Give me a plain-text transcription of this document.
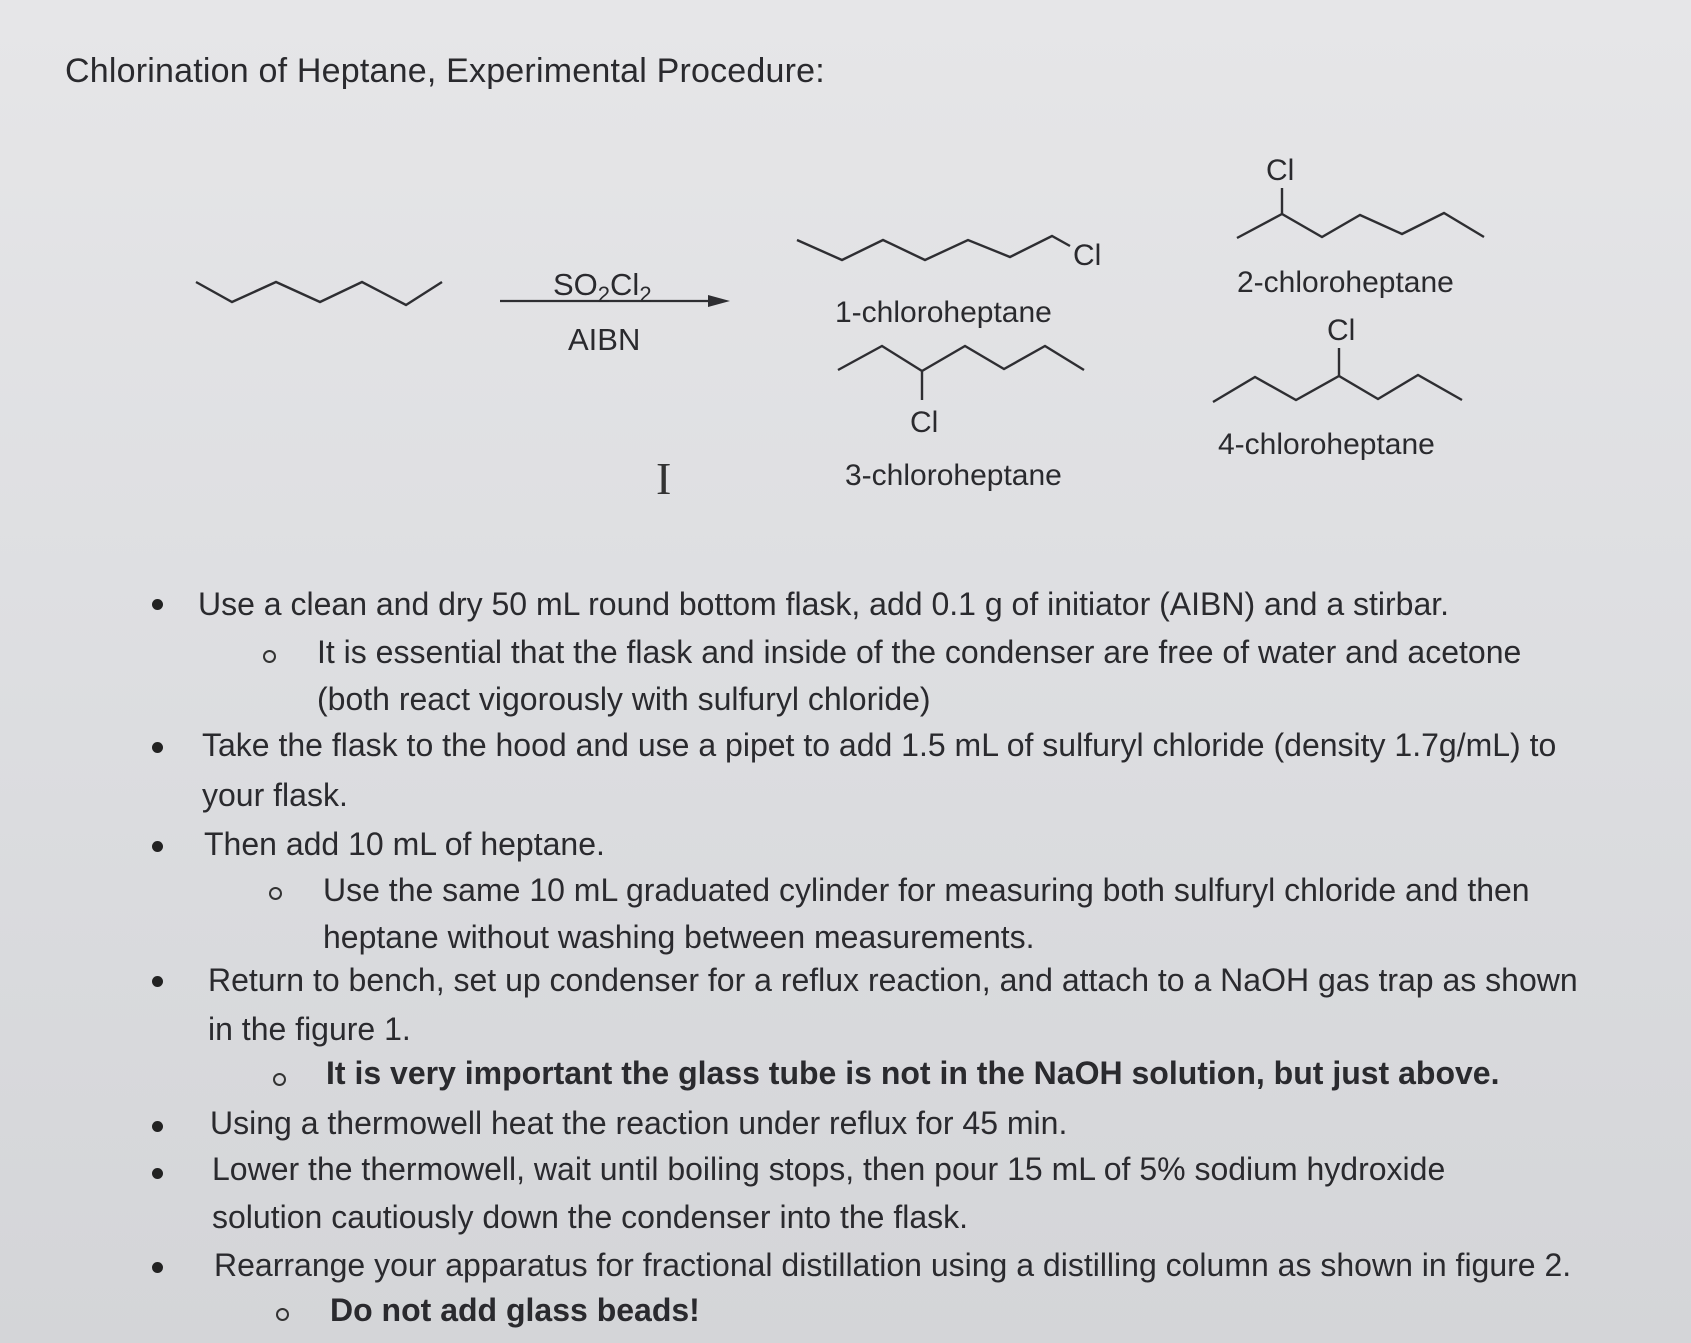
Chlorination of Heptane, Experimental Procedure:
$SO_2Cl_2$
AIBN
Cl
1-chloroheptane
Cl
2-chloroheptane
Cl
3-chloroheptane
Cl
4-chloroheptane
I
Use a clean and dry 50 mL round bottom flask, add 0.1 g of initiator (AIBN) and a stirbar.
It is essential that the flask and inside of the condenser are free of water and acetone
(both react vigorously with sulfuryl chloride)
Take the flask to the hood and use a pipet to add 1.5 mL of sulfuryl chloride (density 1.7g/mL) to
your flask.
Then add 10 mL of heptane.
Use the same 10 mL graduated cylinder for measuring both sulfuryl chloride and then
heptane without washing between measurements.
Return to bench, set up condenser for a reflux reaction, and attach to a NaOH gas trap as shown
in the figure 1.
It is very important the glass tube is not in the NaOH solution, but just above.
Using a thermowell heat the reaction under reflux for 45 min.
Lower the thermowell, wait until boiling stops, then pour 15 mL of 5% sodium hydroxide
solution cautiously down the condenser into the flask.
Rearrange your apparatus for fractional distillation using a distilling column as shown in figure 2.
Do not add glass beads!
